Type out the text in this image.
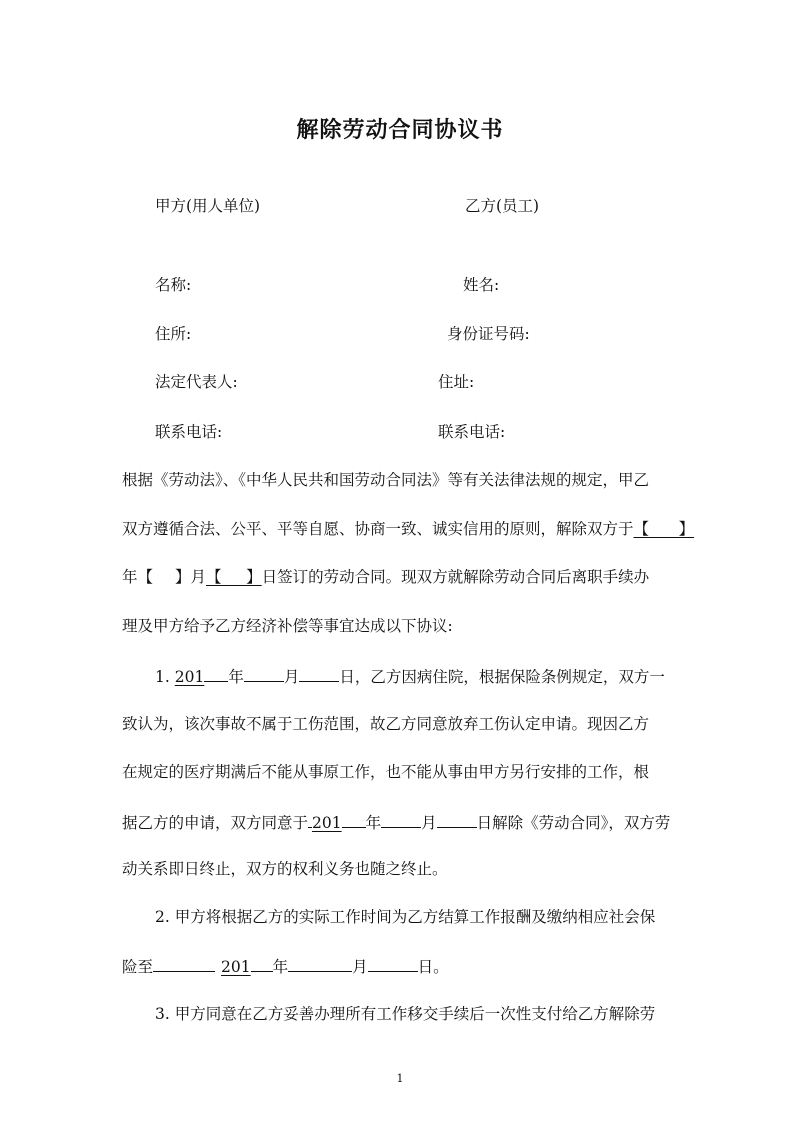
解除劳动合同协议书
甲方(用人单位)	乙方(员工)
名称:	姓名:
住所:	身份证号码:
法定代表人:	住址:
联系电话:	联系电话:
根据《劳动法》、《中华人民共和国劳动合同法》等有关法律法规的规定，甲乙
双方遵循合法、公平、平等自愿、协商一致、诚实信用的原则，解除双方于【      】
年【 】月【     】日签订的劳动合同。现双方就解除劳动合同后离职手续办
理及甲方给予乙方经济补偿等事宜达成以下协议:
1. 201 年	月	日，乙方因病住院，根据保险条例规定，双方一
致认为，该次事故不属于工伤范围，故乙方同意放弃工伤认定申请。现因乙方
在规定的医疗期满后不能从事原工作，也不能从事由甲方另行安排的工作，根
据乙方的申请，双方同意于 201 年	月	日解除《劳动合同》，双方劳
动关系即日终止，双方的权利义务也随之终止。
2. 甲方将根据乙方的实际工作时间为乙方结算工作报酬及缴纳相应社会保
险至	201 年	月	日。
3. 甲方同意在乙方妥善办理所有工作移交手续后一次性支付给乙方解除劳
1
